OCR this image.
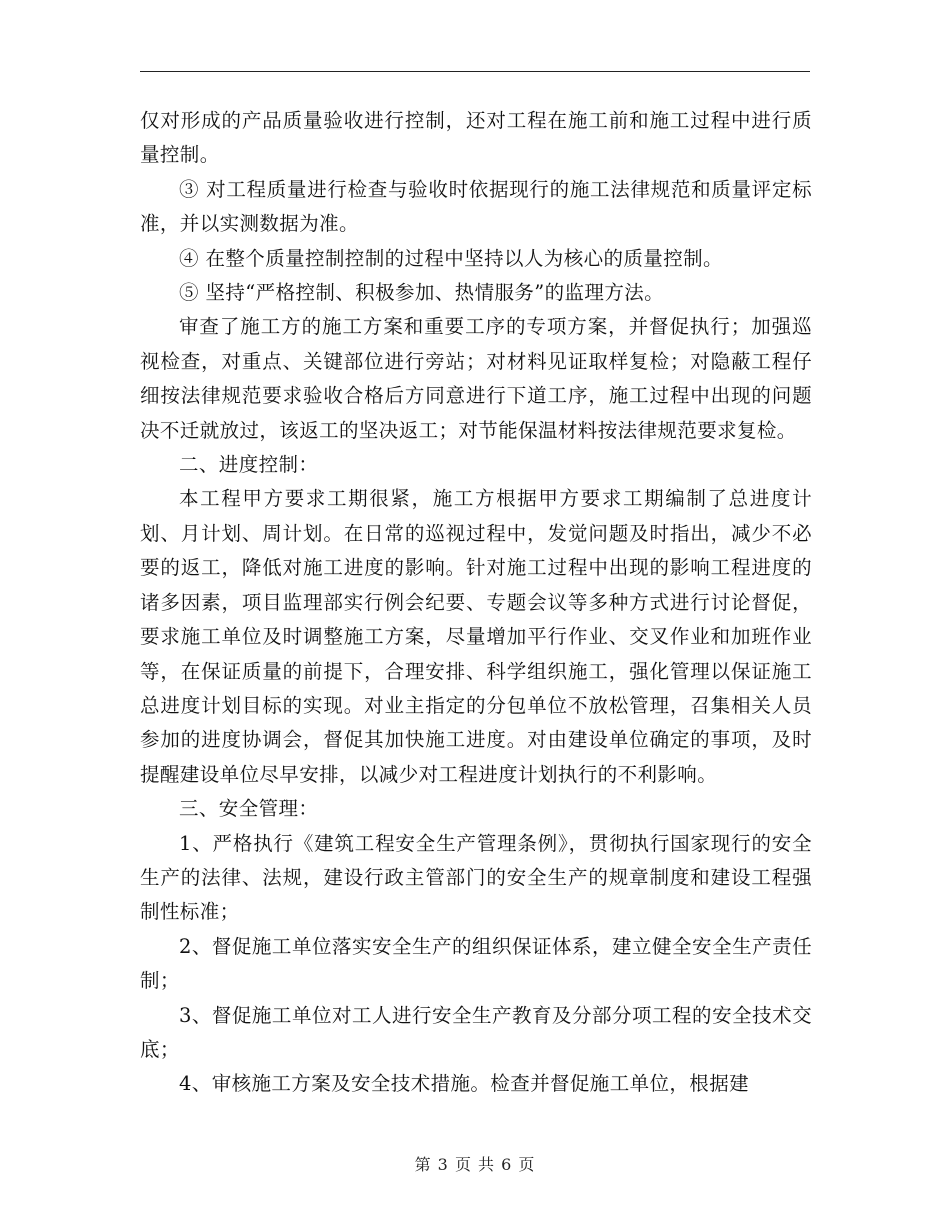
仅对形成的产品质量验收进行控制，还对工程在施工前和施工过程中进行质量控制。

③ 对工程质量进行检查与验收时依据现行的施工法律规范和质量评定标准，并以实测数据为准。

④ 在整个质量控制控制的过程中坚持以人为核心的质量控制。

⑤ 坚持“严格控制、积极参加、热情服务”的监理方法。

审查了施工方的施工方案和重要工序的专项方案，并督促执行；加强巡视检查，对重点、关键部位进行旁站；对材料见证取样复检；对隐蔽工程仔细按法律规范要求验收合格后方同意进行下道工序，施工过程中出现的问题决不迁就放过，该返工的坚决返工；对节能保温材料按法律规范要求复检。

二、进度控制：

本工程甲方要求工期很紧，施工方根据甲方要求工期编制了总进度计划、月计划、周计划。在日常的巡视过程中，发觉问题及时指出，减少不必要的返工，降低对施工进度的影响。针对施工过程中出现的影响工程进度的诸多因素，项目监理部实行例会纪要、专题会议等多种方式进行讨论督促，要求施工单位及时调整施工方案，尽量增加平行作业、交叉作业和加班作业等，在保证质量的前提下，合理安排、科学组织施工，强化管理以保证施工总进度计划目标的实现。对业主指定的分包单位不放松管理，召集相关人员参加的进度协调会，督促其加快施工进度。对由建设单位确定的事项，及时提醒建设单位尽早安排，以减少对工程进度计划执行的不利影响。

三、安全管理：

1、严格执行《建筑工程安全生产管理条例》，贯彻执行国家现行的安全生产的法律、法规，建设行政主管部门的安全生产的规章制度和建设工程强制性标准；

2、督促施工单位落实安全生产的组织保证体系，建立健全安全生产责任制；

3、督促施工单位对工人进行安全生产教育及分部分项工程的安全技术交底；

4、审核施工方案及安全技术措施。检查并督促施工单位，根据建

第 3 页 共 6 页
